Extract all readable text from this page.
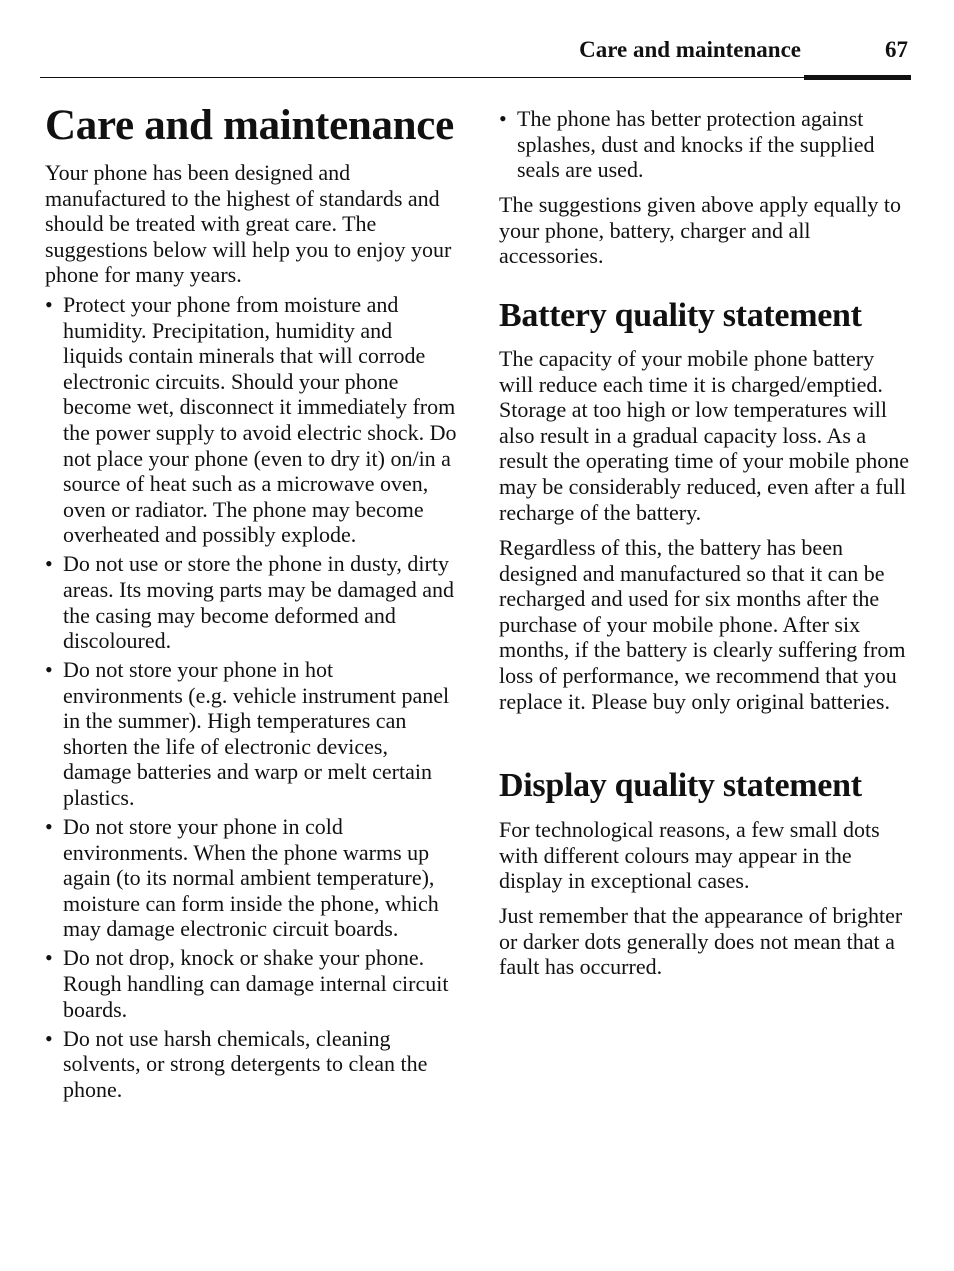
Care and maintenance	67
Care and maintenance

Your phone has been designed and manufactured to the highest of standards and should be treated with great care. The suggestions below will help you to enjoy your phone for many years.

• Protect your phone from moisture and humidity. Precipitation, humidity and liquids contain minerals that will corrode electronic circuits. Should your phone become wet, disconnect it immediately from the power supply to avoid electric shock. Do not place your phone (even to dry it) on/in a source of heat such as a microwave oven, oven or radiator. The phone may become overheated and possibly explode.
• Do not use or store the phone in dusty, dirty areas. Its moving parts may be damaged and the casing may become deformed and discoloured.
• Do not store your phone in hot environments (e.g. vehicle instrument panel in the summer). High temperatures can shorten the life of electronic devices, damage batteries and warp or melt certain plastics.
• Do not store your phone in cold environments. When the phone warms up again (to its normal ambient temperature), moisture can form inside the phone, which may damage electronic circuit boards.
• Do not drop, knock or shake your phone. Rough handling can damage internal circuit boards.
• Do not use harsh chemicals, cleaning solvents, or strong detergents to clean the phone.
• The phone has better protection against splashes, dust and knocks if the supplied seals are used.

The suggestions given above apply equally to your phone, battery, charger and all accessories.

Battery quality statement

The capacity of your mobile phone battery will reduce each time it is charged/emptied. Storage at too high or low temperatures will also result in a gradual capacity loss. As a result the operating time of your mobile phone may be considerably reduced, even after a full recharge of the battery.

Regardless of this, the battery has been designed and manufactured so that it can be recharged and used for six months after the purchase of your mobile phone. After six months, if the battery is clearly suffering from loss of performance, we recommend that you replace it. Please buy only original batteries.

Display quality statement

For technological reasons, a few small dots with different colours may appear in the display in exceptional cases.

Just remember that the appearance of brighter or darker dots generally does not mean that a fault has occurred.
